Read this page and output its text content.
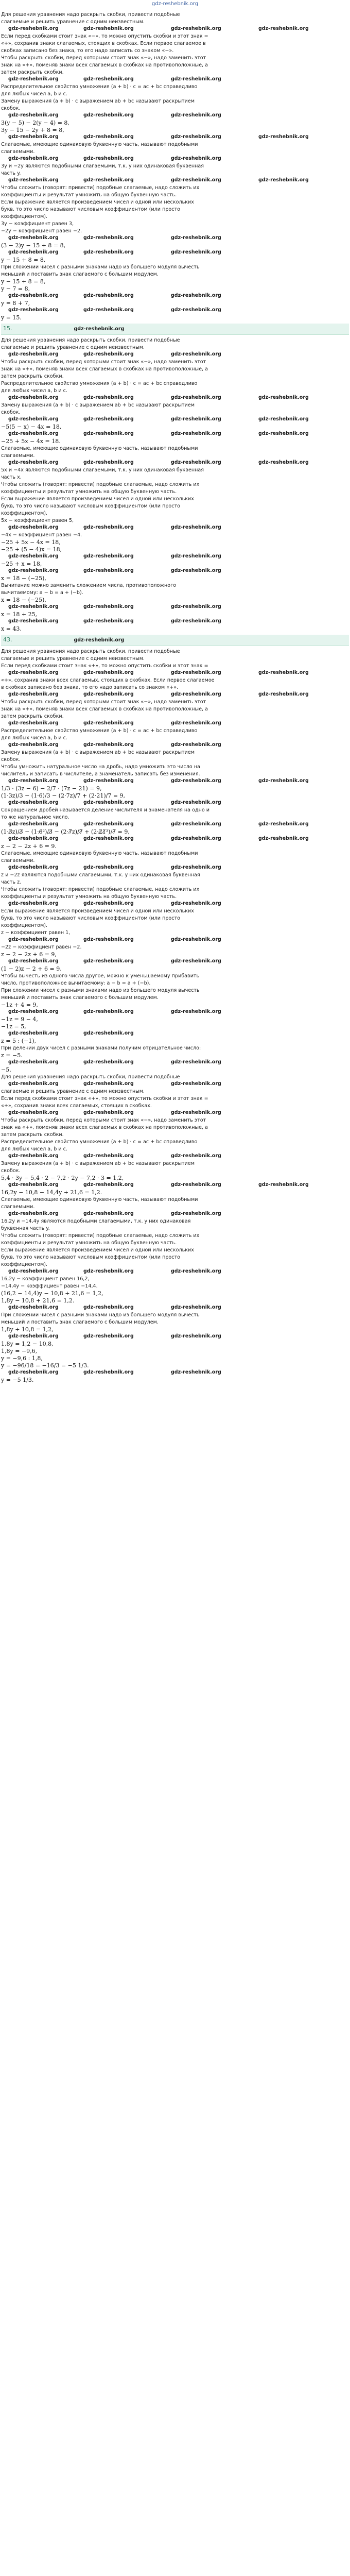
gdz-reshebnik.org

Для решения уравнения надо раскрыть скобки, привести подобные

слагаемые и решить уравнение с одним неизвестным.

gdz-reshebnik.org	gdz-reshebnik.org	gdz-reshebnik.org	gdz-reshebnik.org

Если перед скобками стоит знак «−», то можно опустить скобки и этот знак =

«+», сохранив знаки слагаемых, стоящих в скобках. Если первое слагаемое в

скобках записано без знака, то его надо записать со знаком «−».

Чтобы раскрыть скобки, перед которыми стоит знак «−», надо заменить этот

знак на «+», поменяв знаки всех слагаемых в скобках на противоположные, а

затем раскрыть скобки.

gdz-reshebnik.org	gdz-reshebnik.org	gdz-reshebnik.org

Распределительное свойство умножения (a + b) · c = ac + bc справедливо

для любых чисел a, b и c.

Замену выражения (a + b) · c выражением ab + bc называют раскрытием

скобок.

gdz-reshebnik.org	gdz-reshebnik.org	gdz-reshebnik.org

3(y − 5) − 2(y − 4) = 8,

3y − 15 − 2y + 8 = 8,

gdz-reshebnik.org	gdz-reshebnik.org	gdz-reshebnik.org	gdz-reshebnik.org

Слагаемые, имеющие одинаковую буквенную часть, называют подобными

слагаемыми.

gdz-reshebnik.org	gdz-reshebnik.org	gdz-reshebnik.org

3y и −2y являются подобными слагаемыми, т.к. у них одинаковая буквенная

часть y.

gdz-reshebnik.org	gdz-reshebnik.org	gdz-reshebnik.org	gdz-reshebnik.org

Чтобы сложить (говорят: привести) подобные слагаемые, надо сложить их

коэффициенты и результат умножить на общую буквенную часть.

Если выражение является произведением чисел и одной или нескольких

букв, то это число называют числовым коэффициентом (или просто

коэффициентом).

3y − коэффициент равен 3,

−2y − коэффициент равен −2.

gdz-reshebnik.org	gdz-reshebnik.org	gdz-reshebnik.org

(3 − 2)y − 15 + 8 = 8,

gdz-reshebnik.org	gdz-reshebnik.org	gdz-reshebnik.org

y − 15 + 8 = 8,

При сложении чисел с разными знаками надо из большего модуля вычесть

меньший и поставить знак слагаемого с большим модулем.

y − 15 + 8 = 8,

y − 7 = 8,

gdz-reshebnik.org	gdz-reshebnik.org	gdz-reshebnik.org

y = 8 + 7,

gdz-reshebnik.org	gdz-reshebnik.org	gdz-reshebnik.org

y = 15.

15.	gdz-reshebnik.org

Для решения уравнения надо раскрыть скобки, привести подобные

слагаемые и решить уравнение с одним неизвестным.

gdz-reshebnik.org	gdz-reshebnik.org	gdz-reshebnik.org

Чтобы раскрыть скобки, перед которыми стоит знак «−», надо заменить этот

знак на «+», поменяв знаки всех слагаемых в скобках на противоположные, а

затем раскрыть скобки.

Распределительное свойство умножения (a + b) · c = ac + bc справедливо

для любых чисел a, b и c.

gdz-reshebnik.org	gdz-reshebnik.org	gdz-reshebnik.org	gdz-reshebnik.org

Замену выражения (a + b) · c выражением ab + bc называют раскрытием

скобок.

gdz-reshebnik.org	gdz-reshebnik.org	gdz-reshebnik.org	gdz-reshebnik.org

−5(5 − x) − 4x = 18,

gdz-reshebnik.org	gdz-reshebnik.org	gdz-reshebnik.org	gdz-reshebnik.org

−25 + 5x − 4x = 18.

Слагаемые, имеющие одинаковую буквенную часть, называют подобными

слагаемыми.

gdz-reshebnik.org	gdz-reshebnik.org	gdz-reshebnik.org	gdz-reshebnik.org

5x и −4x являются подобными слагаемыми, т.к. у них одинаковая буквенная

часть x.

Чтобы сложить (говорят: привести) подобные слагаемые, надо сложить их

коэффициенты и результат умножить на общую буквенную часть.

Если выражение является произведением чисел и одной или нескольких

букв, то это число называют числовым коэффициентом (или просто

коэффициентом).

5x − коэффициент равен 5,

gdz-reshebnik.org	gdz-reshebnik.org	gdz-reshebnik.org

−4x − коэффициент равен −4.

−25 + 5x − 4x = 18,

−25 + (5 − 4)x = 18,

gdz-reshebnik.org	gdz-reshebnik.org	gdz-reshebnik.org

−25 + x = 18,

gdz-reshebnik.org	gdz-reshebnik.org	gdz-reshebnik.org

x = 18 − (−25),

Вычитание можно заменить сложением числа, противоположного

вычитаемому: a − b = a + (−b).

x = 18 − (−25),

gdz-reshebnik.org	gdz-reshebnik.org	gdz-reshebnik.org

x = 18 + 25,

gdz-reshebnik.org	gdz-reshebnik.org	gdz-reshebnik.org

x = 43.

43.	gdz-reshebnik.org

Для решения уравнения надо раскрыть скобки, привести подобные

слагаемые и решить уравнение с одним неизвестным.

Если перед скобками стоит знак «+», то можно опустить скобки и этот знак =

gdz-reshebnik.org	gdz-reshebnik.org	gdz-reshebnik.org	gdz-reshebnik.org

«+», сохранив знаки всех слагаемых, стоящих в скобках. Если первое слагаемое

в скобках записано без знака, то его надо записать со знаком «+».

gdz-reshebnik.org	gdz-reshebnik.org	gdz-reshebnik.org	gdz-reshebnik.org

Чтобы раскрыть скобки, перед которыми стоит знак «−», надо заменить этот

знак на «+», поменяв знаки всех слагаемых в скобках на противоположные, а

затем раскрыть скобки.

gdz-reshebnik.org	gdz-reshebnik.org	gdz-reshebnik.org

Распределительное свойство умножения (a + b) · c = ac + bc справедливо

для любых чисел a, b и c.

gdz-reshebnik.org	gdz-reshebnik.org	gdz-reshebnik.org

Замену выражения (a + b) · c выражением ab + bc называют раскрытием

скобок.

Чтобы умножить натуральное число на дробь, надо умножить это число на

числитель и записать в числителе, а знаменатель записать без изменения.

gdz-reshebnik.org	gdz-reshebnik.org	gdz-reshebnik.org	gdz-reshebnik.org

1/3 · (3z − 6) − 2/7 · (7z − 21) = 9,

(1·3z)/3 − (1·6)/3 − (2·7z)/7 + (2·21)/7 = 9,

gdz-reshebnik.org	gdz-reshebnik.org	gdz-reshebnik.org

Сокращением дробей называется деление числителя и знаменателя на одно и

то же натуральное число.

gdz-reshebnik.org	gdz-reshebnik.org	gdz-reshebnik.org	gdz-reshebnik.org

(1·3̸z)/3̸ − (1·6̸²)/3̸ − (2·7̸z)/7̸ + (2·2̸1̸³)/7̸ = 9,

gdz-reshebnik.org	gdz-reshebnik.org	gdz-reshebnik.org	gdz-reshebnik.org

z − 2 − 2z + 6 = 9.

Слагаемые, имеющие одинаковую буквенную часть, называют подобными

слагаемыми.

gdz-reshebnik.org	gdz-reshebnik.org	gdz-reshebnik.org

z и −2z являются подобными слагаемыми, т.к. у них одинаковая буквенная

часть z.

Чтобы сложить (говорят: привести) подобные слагаемые, надо сложить их

коэффициенты и результат умножить на общую буквенную часть.

gdz-reshebnik.org	gdz-reshebnik.org	gdz-reshebnik.org

Если выражение является произведением чисел и одной или нескольких

букв, то это число называют числовым коэффициентом (или просто

коэффициентом).

z − коэффициент равен 1,

gdz-reshebnik.org	gdz-reshebnik.org	gdz-reshebnik.org

−2z − коэффициент равен −2.

z − 2 − 2z + 6 = 9,

gdz-reshebnik.org	gdz-reshebnik.org	gdz-reshebnik.org

(1 − 2)z − 2 + 6 = 9.

Чтобы вычесть из одного числа другое, можно к уменьшаемому прибавить

число, противоположное вычитаемому: a − b = a + (−b).

При сложении чисел с разными знаками надо из большего модуля вычесть

меньший и поставить знак слагаемого с большим модулем.

−1z + 4 = 9,

gdz-reshebnik.org	gdz-reshebnik.org	gdz-reshebnik.org

−1z = 9 − 4,

−1z = 5,

gdz-reshebnik.org	gdz-reshebnik.org

z = 5 : (−1),

При делении двух чисел с разными знаками получим отрицательное число:

z = −5.

gdz-reshebnik.org	gdz-reshebnik.org	gdz-reshebnik.org

−5.

Для решения уравнения надо раскрыть скобки, привести подобные

gdz-reshebnik.org	gdz-reshebnik.org	gdz-reshebnik.org

слагаемые и решить уравнение с одним неизвестным.

Если перед скобками стоит знак «+», то можно опустить скобки и этот знак =

«+», сохранив знаки всех слагаемых, стоящих в скобках.

gdz-reshebnik.org	gdz-reshebnik.org	gdz-reshebnik.org

Чтобы раскрыть скобки, перед которыми стоит знак «−», надо заменить этот

знак на «+», поменяв знаки всех слагаемых в скобках на противоположные, а

затем раскрыть скобки.

Распределительное свойство умножения (a + b) · c = ac + bc справедливо

для любых чисел a, b и c.

gdz-reshebnik.org	gdz-reshebnik.org	gdz-reshebnik.org

Замену выражения (a + b) · c выражением ab + bc называют раскрытием

скобок.

5,4 · 3y − 5,4 · 2 − 7,2 · 2y − 7,2 · 3 = 1,2,

gdz-reshebnik.org	gdz-reshebnik.org	gdz-reshebnik.org	gdz-reshebnik.org

16,2y − 10,8 − 14,4y + 21,6 = 1,2.

Слагаемые, имеющие одинаковую буквенную часть, называют подобными

слагаемыми.

gdz-reshebnik.org	gdz-reshebnik.org	gdz-reshebnik.org

16,2y и −14,4y являются подобными слагаемыми, т.к. у них одинаковая

буквенная часть y.

Чтобы сложить (говорят: привести) подобные слагаемые, надо сложить их

коэффициенты и результат умножить на общую буквенную часть.

Если выражение является произведением чисел и одной или нескольких

букв, то это число называют числовым коэффициентом (или просто

коэффициентом).

gdz-reshebnik.org	gdz-reshebnik.org	gdz-reshebnik.org

16,2y − коэффициент равен 16,2,

−14,4y − коэффициент равен −14,4.

(16,2 − 14,4)y − 10,8 + 21,6 = 1,2,

1,8y − 10,8 + 21,6 = 1,2.

gdz-reshebnik.org	gdz-reshebnik.org	gdz-reshebnik.org

При сложении чисел с разными знаками надо из большего модуля вычесть

меньший и поставить знак слагаемого с большим модулем.

1,8y + 10,8 = 1,2,

gdz-reshebnik.org	gdz-reshebnik.org	gdz-reshebnik.org

1,8y = 1,2 − 10,8,

1,8y = −9,6,

y = −9,6 : 1,8,

y = −96/18 = −16/3 = −5 1/3.

gdz-reshebnik.org	gdz-reshebnik.org	gdz-reshebnik.org

y = −5 1/3.
